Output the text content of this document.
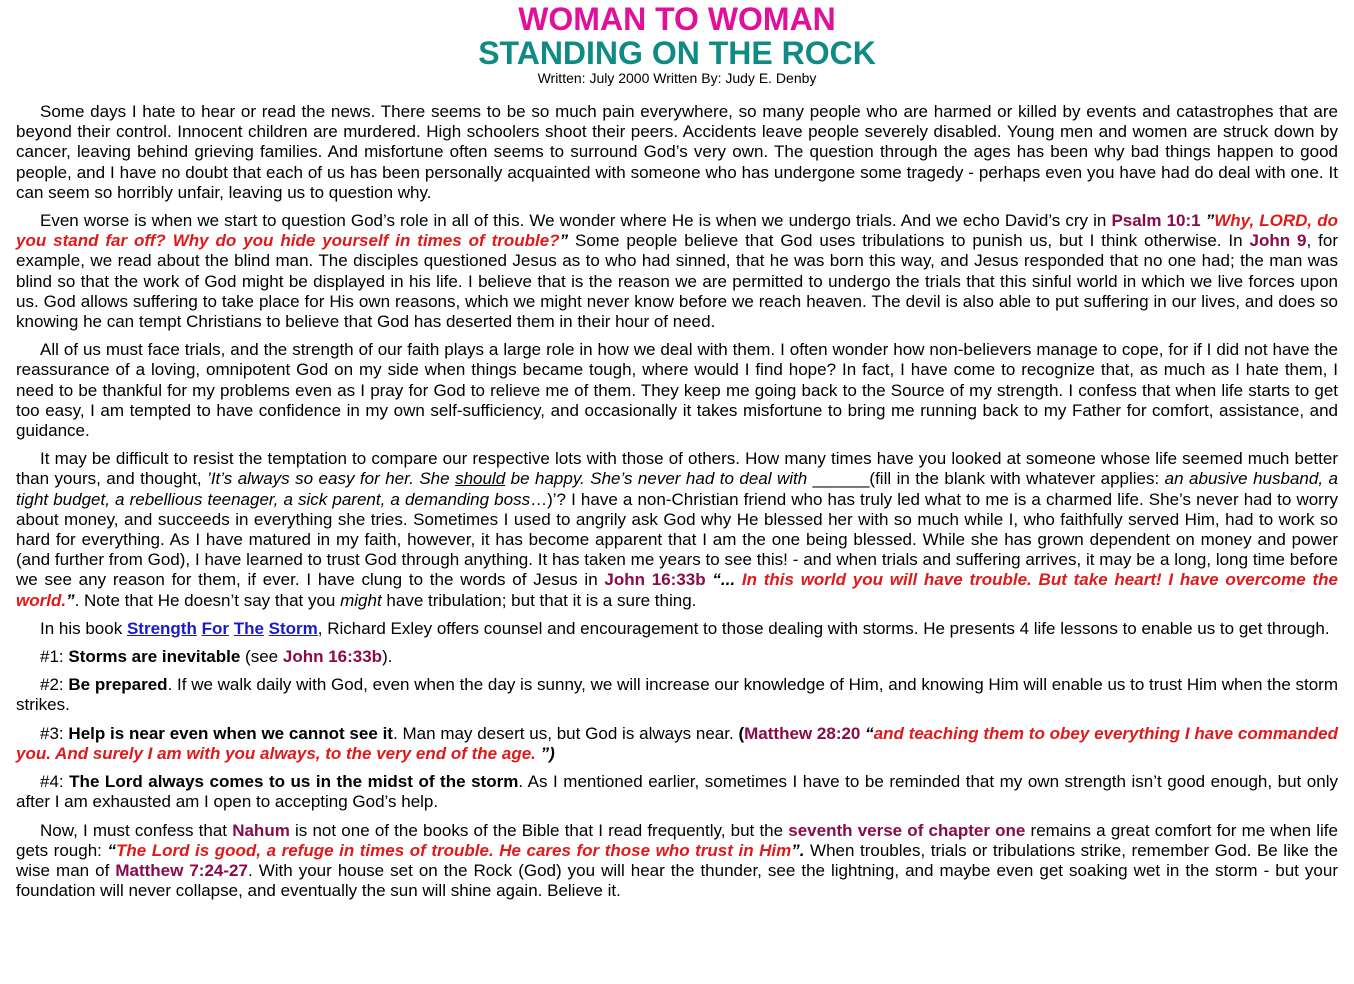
WOMAN TO WOMAN
STANDING ON THE ROCK
Written: July 2000 Written By: Judy E. Denby

Some days I hate to hear or read the news. There seems to be so much pain everywhere, so many people who are harmed or killed by events and catastrophes that are beyond their control. Innocent children are murdered. High schoolers shoot their peers. Accidents leave people severely disabled. Young men and women are struck down by cancer, leaving behind grieving families. And misfortune often seems to surround God’s very own. The question through the ages has been why bad things happen to good people, and I have no doubt that each of us has been personally acquainted with someone who has undergone some tragedy - perhaps even you have had do deal with one. It can seem so horribly unfair, leaving us to question why.

Even worse is when we start to question God’s role in all of this. We wonder where He is when we undergo trials. And we echo David’s cry in Psalm 10:1 ”Why, LORD, do you stand far off? Why do you hide yourself in times of trouble?” Some people believe that God uses tribulations to punish us, but I think otherwise. In John 9, for example, we read about the blind man. The disciples questioned Jesus as to who had sinned, that he was born this way, and Jesus responded that no one had; the man was blind so that the work of God might be displayed in his life. I believe that is the reason we are permitted to undergo the trials that this sinful world in which we live forces upon us. God allows suffering to take place for His own reasons, which we might never know before we reach heaven. The devil is also able to put suffering in our lives, and does so knowing he can tempt Christians to believe that God has deserted them in their hour of need.

All of us must face trials, and the strength of our faith plays a large role in how we deal with them. I often wonder how non-believers manage to cope, for if I did not have the reassurance of a loving, omnipotent God on my side when things became tough, where would I find hope? In fact, I have come to recognize that, as much as I hate them, I need to be thankful for my problems even as I pray for God to relieve me of them. They keep me going back to the Source of my strength. I confess that when life starts to get too easy, I am tempted to have confidence in my own self-sufficiency, and occasionally it takes misfortune to bring me running back to my Father for comfort, assistance, and guidance.

It may be difficult to resist the temptation to compare our respective lots with those of others. How many times have you looked at someone whose life seemed much better than yours, and thought, ’It’s always so easy for her. She should be happy. She’s never had to deal with ______(fill in the blank with whatever applies: an abusive husband, a tight budget, a rebellious teenager, a sick parent, a demanding boss…)’? I have a non-Christian friend who has truly led what to me is a charmed life. She’s never had to worry about money, and succeeds in everything she tries. Sometimes I used to angrily ask God why He blessed her with so much while I, who faithfully served Him, had to work so hard for everything. As I have matured in my faith, however, it has become apparent that I am the one being blessed. While she has grown dependent on money and power (and further from God), I have learned to trust God through anything. It has taken me years to see this! - and when trials and suffering arrives, it may be a long, long time before we see any reason for them, if ever. I have clung to the words of Jesus in John 16:33b “... In this world you will have trouble. But take heart! I have overcome the world.”. Note that He doesn’t say that you might have tribulation; but that it is a sure thing.

In his book Strength For The Storm, Richard Exley offers counsel and encouragement to those dealing with storms. He presents 4 life lessons to enable us to get through.

#1: Storms are inevitable (see John 16:33b).

#2: Be prepared. If we walk daily with God, even when the day is sunny, we will increase our knowledge of Him, and knowing Him will enable us to trust Him when the storm strikes.

#3: Help is near even when we cannot see it. Man may desert us, but God is always near. (Matthew 28:20 “and teaching them to obey everything I have commanded you. And surely I am with you always, to the very end of the age. ”)

#4: The Lord always comes to us in the midst of the storm. As I mentioned earlier, sometimes I have to be reminded that my own strength isn’t good enough, but only after I am exhausted am I open to accepting God’s help.

Now, I must confess that Nahum is not one of the books of the Bible that I read frequently, but the seventh verse of chapter one remains a great comfort for me when life gets rough: “The Lord is good, a refuge in times of trouble. He cares for those who trust in Him”. When troubles, trials or tribulations strike, remember God. Be like the wise man of Matthew 7:24-27. With your house set on the Rock (God) you will hear the thunder, see the lightning, and maybe even get soaking wet in the storm - but your foundation will never collapse, and eventually the sun will shine again. Believe it.
